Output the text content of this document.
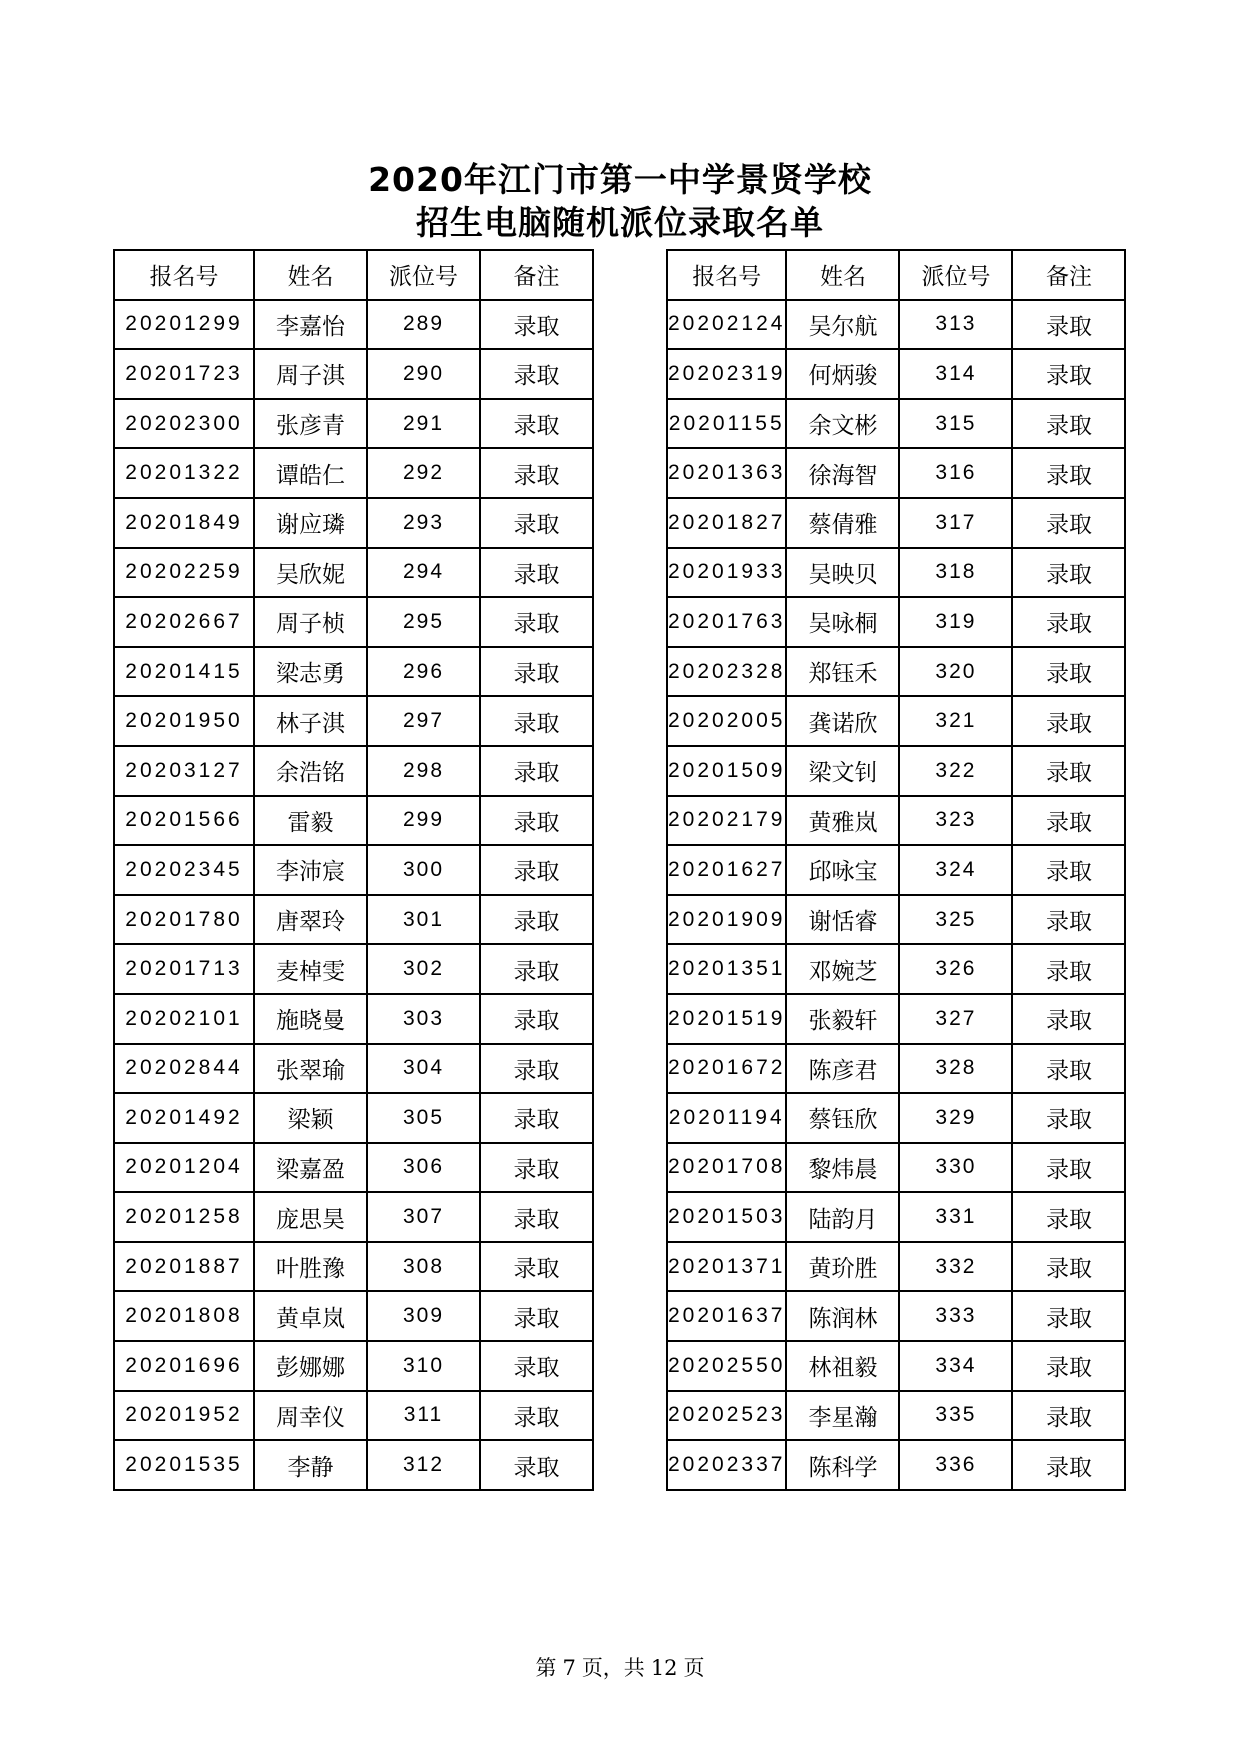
2020年江门市第一中学景贤学校
招生电脑随机派位录取名单
报名号	姓名	派位号	备注
20201299	李嘉怡	289	录取
20201723	周子淇	290	录取
20202300	张彦青	291	录取
20201322	谭皓仁	292	录取
20201849	谢应璘	293	录取
20202259	吴欣妮	294	录取
20202667	周子桢	295	录取
20201415	梁志勇	296	录取
20201950	林子淇	297	录取
20203127	余浩铭	298	录取
20201566	雷毅	299	录取
20202345	李沛宸	300	录取
20201780	唐翠玲	301	录取
20201713	麦棹雯	302	录取
20202101	施晓曼	303	录取
20202844	张翠瑜	304	录取
20201492	梁颖	305	录取
20201204	梁嘉盈	306	录取
20201258	庞思昊	307	录取
20201887	叶胜豫	308	录取
20201808	黄卓岚	309	录取
20201696	彭娜娜	310	录取
20201952	周幸仪	311	录取
20201535	李静	312	录取
报名号	姓名	派位号	备注
20202124	吴尔航	313	录取
20202319	何炳骏	314	录取
20201155	余文彬	315	录取
20201363	徐海智	316	录取
20201827	蔡倩雅	317	录取
20201933	吴映贝	318	录取
20201763	吴咏桐	319	录取
20202328	郑钰禾	320	录取
20202005	龚诺欣	321	录取
20201509	梁文钊	322	录取
20202179	黄雅岚	323	录取
20201627	邱咏宝	324	录取
20201909	谢恬睿	325	录取
20201351	邓婉芝	326	录取
20201519	张毅轩	327	录取
20201672	陈彦君	328	录取
20201194	蔡钰欣	329	录取
20201708	黎炜晨	330	录取
20201503	陆韵月	331	录取
20201371	黄玠胜	332	录取
20201637	陈润林	333	录取
20202550	林祖毅	334	录取
20202523	李星瀚	335	录取
20202337	陈科学	336	录取
第 7 页，共 12 页
